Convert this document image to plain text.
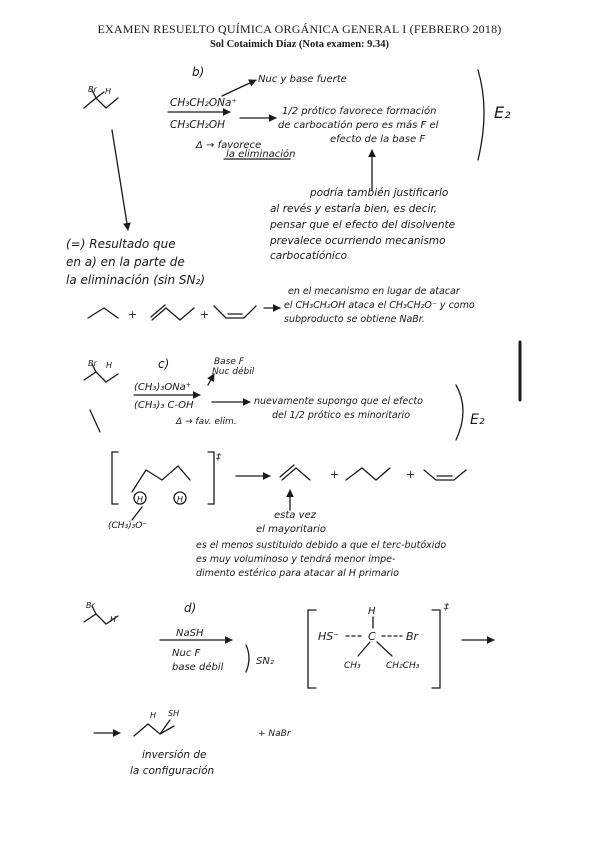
EXAMEN RESUELTO QUÍMICA ORGÁNICA GENERAL I (FEBRERO 2018)
Sol Cotaimich Díaz (Nota examen: 9.34)
Br H
b)
Nuc y base fuerte
CH₃CH₂ONa⁺
CH₃CH₂OH
1/2 prótico favorece formación
de carbocatión pero es más F el
efecto de la base F
Δ → favorece
la eliminación
E₂
podría también justificarlo
al revés y estaría bien, es decir,
pensar que el efecto del disolvente
prevalece ocurriendo mecanismo
carbocatiónico
(=) Resultado que
en a) en la parte de
la eliminación (sin SN₂)
+	+
en el mecanismo en lugar de atacar
el CH₃CH₂OH ataca el CH₃CH₂O⁻ y como
subproducto se obtiene NaBr.
Br H	c)	Base F
Nuc débil
(CH₃)₃ONa⁺
(CH₃)₃ C-OH	nuevamente supongo que el efecto
del 1/2 prótico es minoritario
Δ → fav. elim.	E₂
‡
H	H
(CH₃)₃O⁻
+	+
esta vez
el mayoritario
es el menos sustituido debido a que el terc-butóxido
es muy voluminoso y tendrá menor impe-
dimento estérico para atacar al H primario
Br
H
d)
NaSH
Nuc F
base débil
SN₂
H
HS⁻	C	Br
CH₃	CH₂CH₃
‡
H SH
+ NaBr
inversión de
la configuración
